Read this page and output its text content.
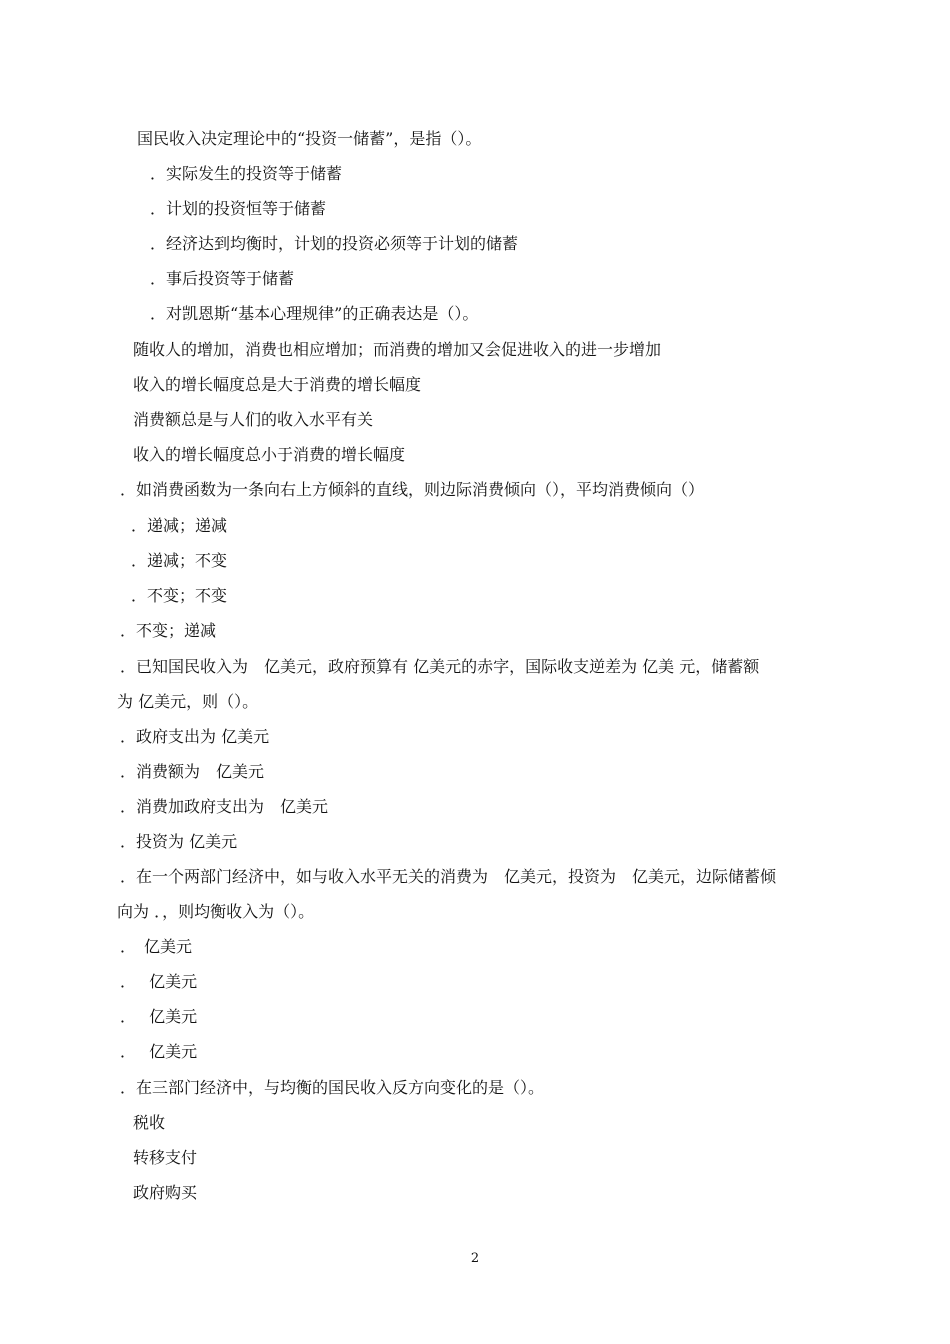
国民收入决定理论中的“投资一储蓄”，是指（）。
．实际发生的投资等于储蓄
．计划的投资恒等于储蓄
．经济达到均衡时，计划的投资必须等于计划的储蓄
．事后投资等于储蓄
．对凯恩斯“基本心理规律”的正确表达是（）。
随收人的增加，消费也相应增加；而消费的增加又会促进收入的进一步增加
收入的增长幅度总是大于消费的增长幅度
消费额总是与人们的收入水平有关
收入的增长幅度总小于消费的增长幅度
．如消费函数为一条向右上方倾斜的直线，则边际消费倾向（），平均消费倾向（）
．递减；递减
．递减；不变
．不变；不变
．不变；递减
．已知国民收入为　亿美元，政府预算有 亿美元的赤字，国际收支逆差为 亿美 元，储蓄额
为 亿美元，则（）。
．政府支出为 亿美元
．消费额为　亿美元
．消费加政府支出为　亿美元
．投资为 亿美元
．在一个两部门经济中，如与收入水平无关的消费为　亿美元，投资为　亿美元，边际储蓄倾
向为 ．，则均衡收入为（）。
．　亿美元
．　 亿美元
．　 亿美元
．　 亿美元
．在三部门经济中，与均衡的国民收入反方向变化的是（）。
税收
转移支付
政府购买
2
